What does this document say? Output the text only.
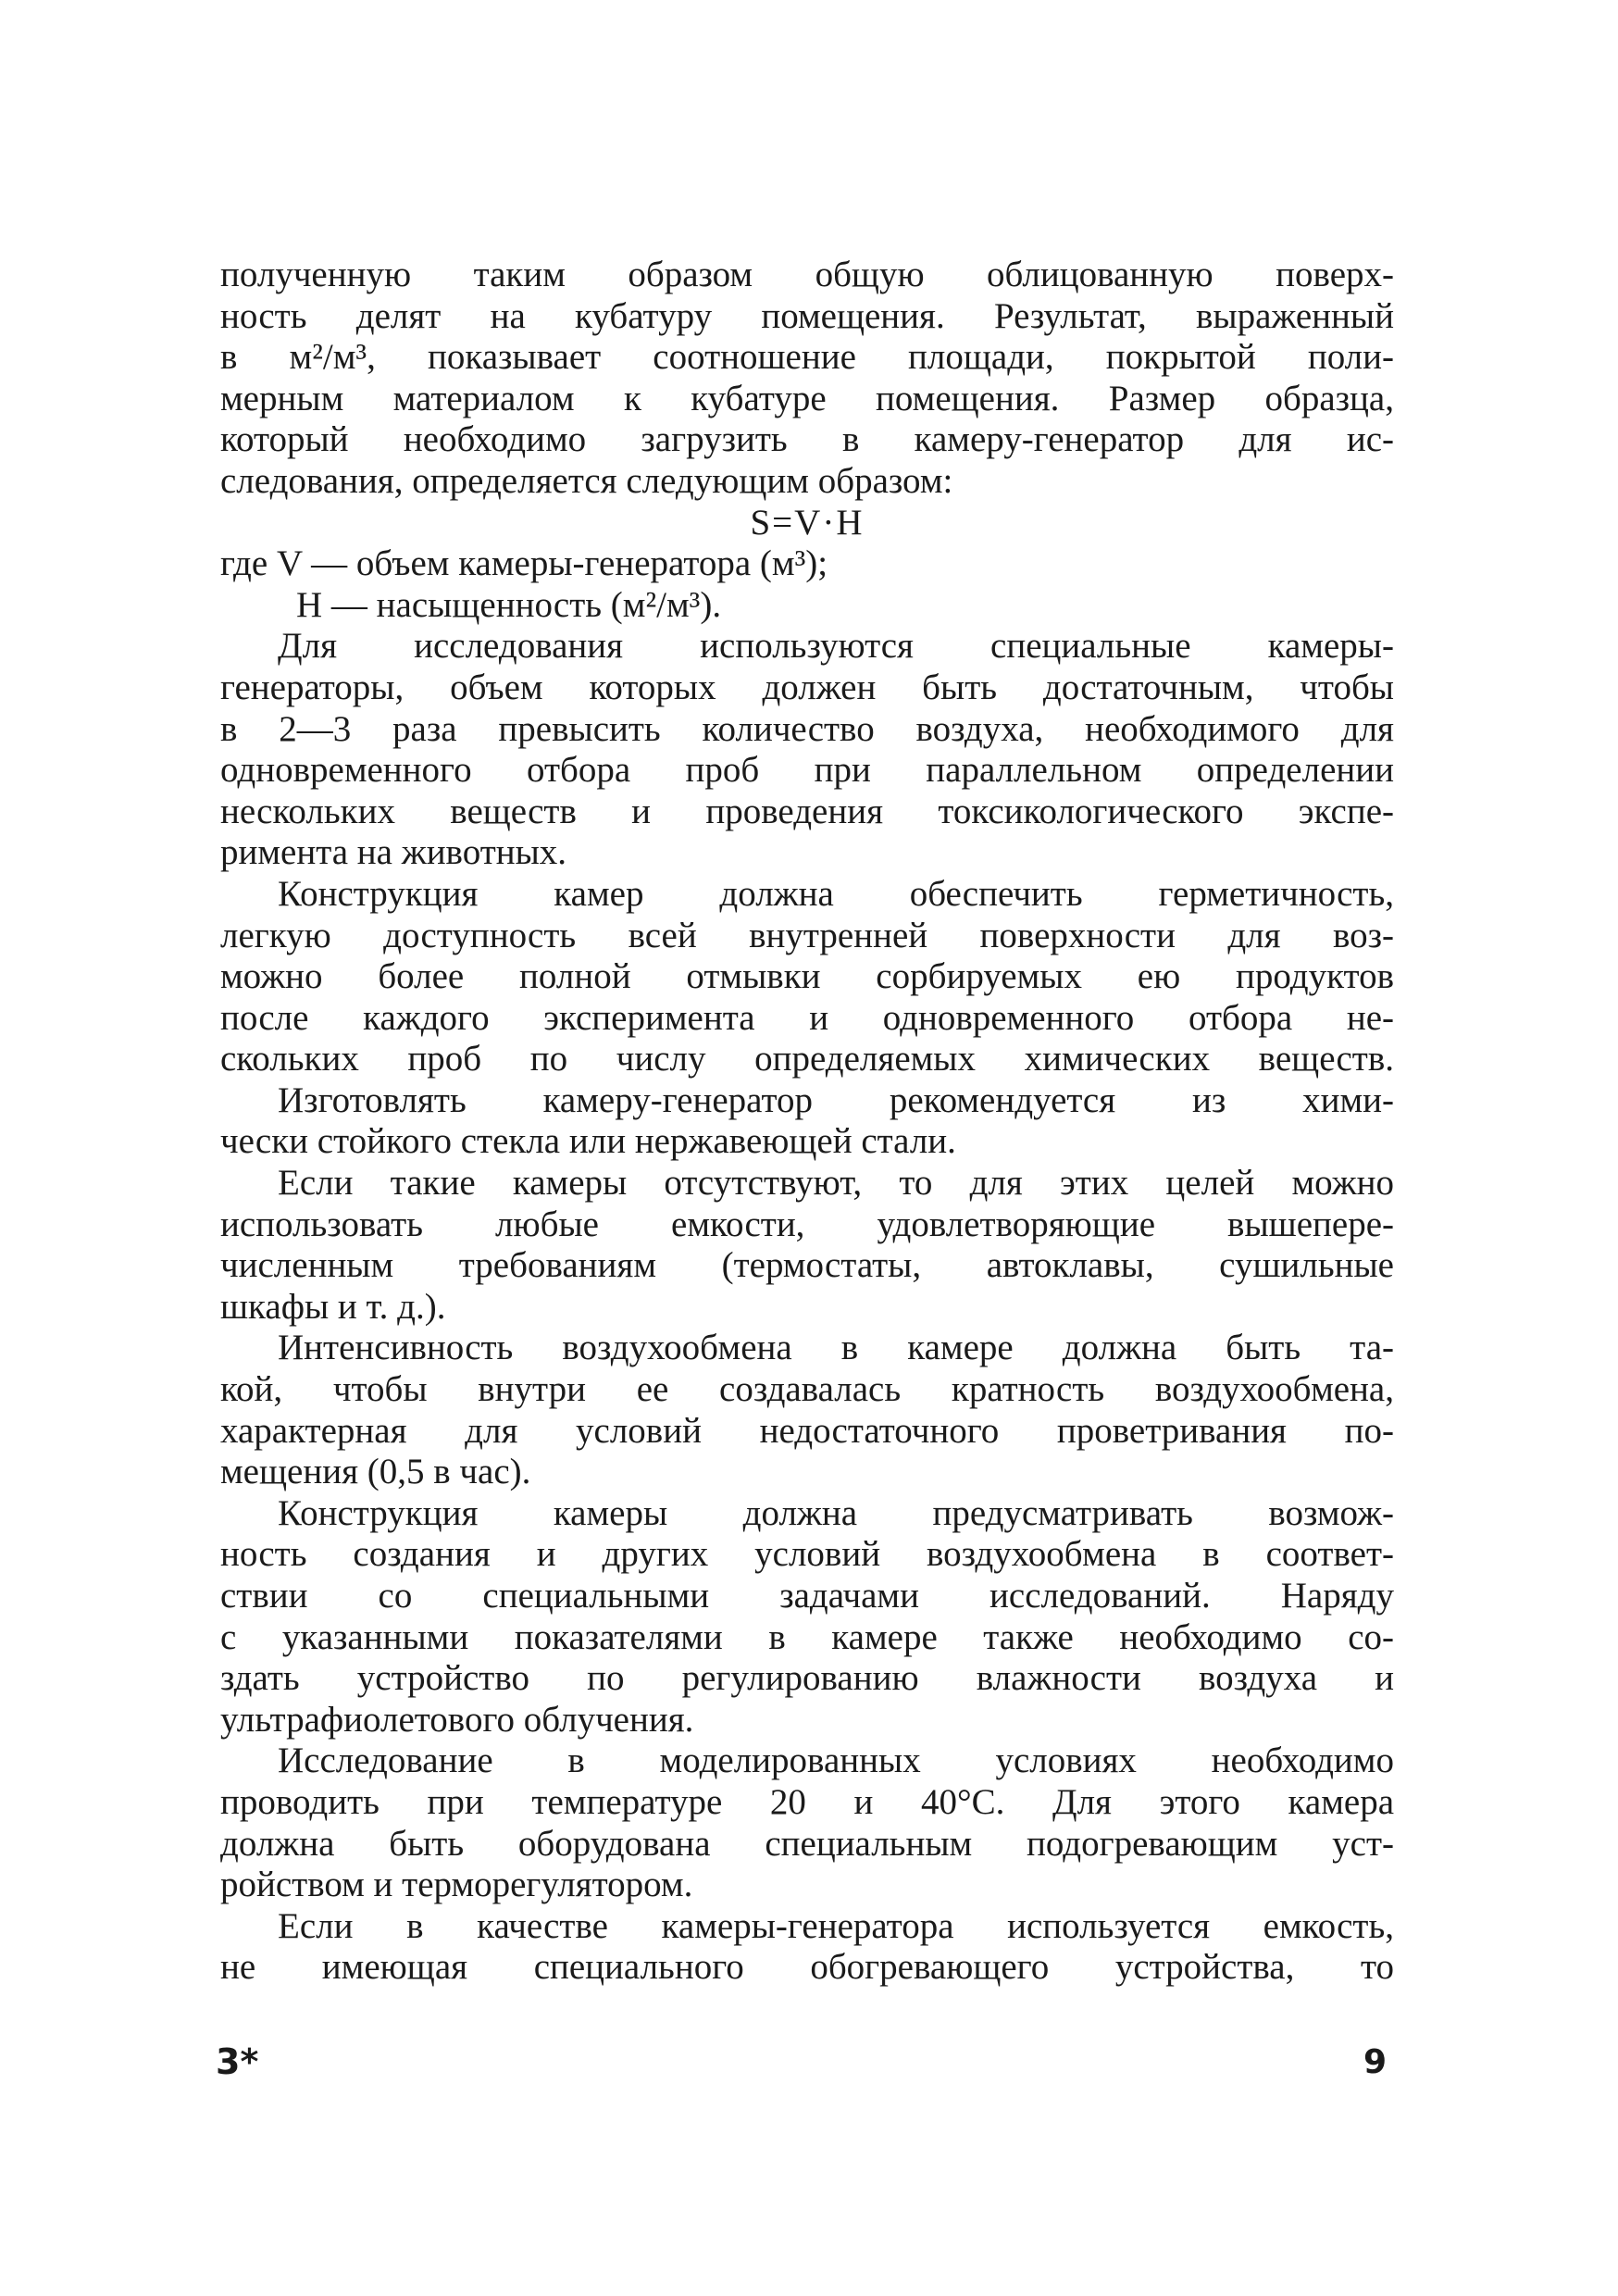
полученную таким образом общую облицованную поверх-
ность делят на кубатуру помещения. Результат, выраженный
в м²/м³, показывает соотношение площади, покрытой поли-
мерным материалом к кубатуре помещения. Размер образца,
который необходимо загрузить в камеру-генератор для ис-
следования, определяется следующим образом:
S=V·H
где V — объем камеры-генератора (м³);
H — насыщенность (м²/м³).
Для исследования используются специальные камеры-
генераторы, объем которых должен быть достаточным, чтобы
в 2—3 раза превысить количество воздуха, необходимого для
одновременного отбора проб при параллельном определении
нескольких веществ и проведения токсикологического экспе-
римента на животных.
Конструкция камер должна обеспечить герметичность,
легкую доступность всей внутренней поверхности для воз-
можно более полной отмывки сорбируемых ею продуктов
после каждого эксперимента и одновременного отбора не-
скольких проб по числу определяемых химических веществ.
Изготовлять камеру-генератор рекомендуется из хими-
чески стойкого стекла или нержавеющей стали.
Если такие камеры отсутствуют, то для этих целей можно
использовать любые емкости, удовлетворяющие вышепере-
численным требованиям (термостаты, автоклавы, сушильные
шкафы и т. д.).
Интенсивность воздухообмена в камере должна быть та-
кой, чтобы внутри ее создавалась кратность воздухообмена,
характерная для условий недостаточного проветривания по-
мещения (0,5 в час).
Конструкция камеры должна предусматривать возмож-
ность создания и других условий воздухообмена в соответ-
ствии со специальными задачами исследований. Наряду
с указанными показателями в камере также необходимо со-
здать устройство по регулированию влажности воздуха и
ультрафиолетового облучения.
Исследование в моделированных условиях необходимо
проводить при температуре 20 и 40°С. Для этого камера
должна быть оборудована специальным подогревающим уст-
ройством и терморегулятором.
Если в качестве камеры-генератора используется емкость,
не имеющая специального обогревающего устройства, то
3*	9
